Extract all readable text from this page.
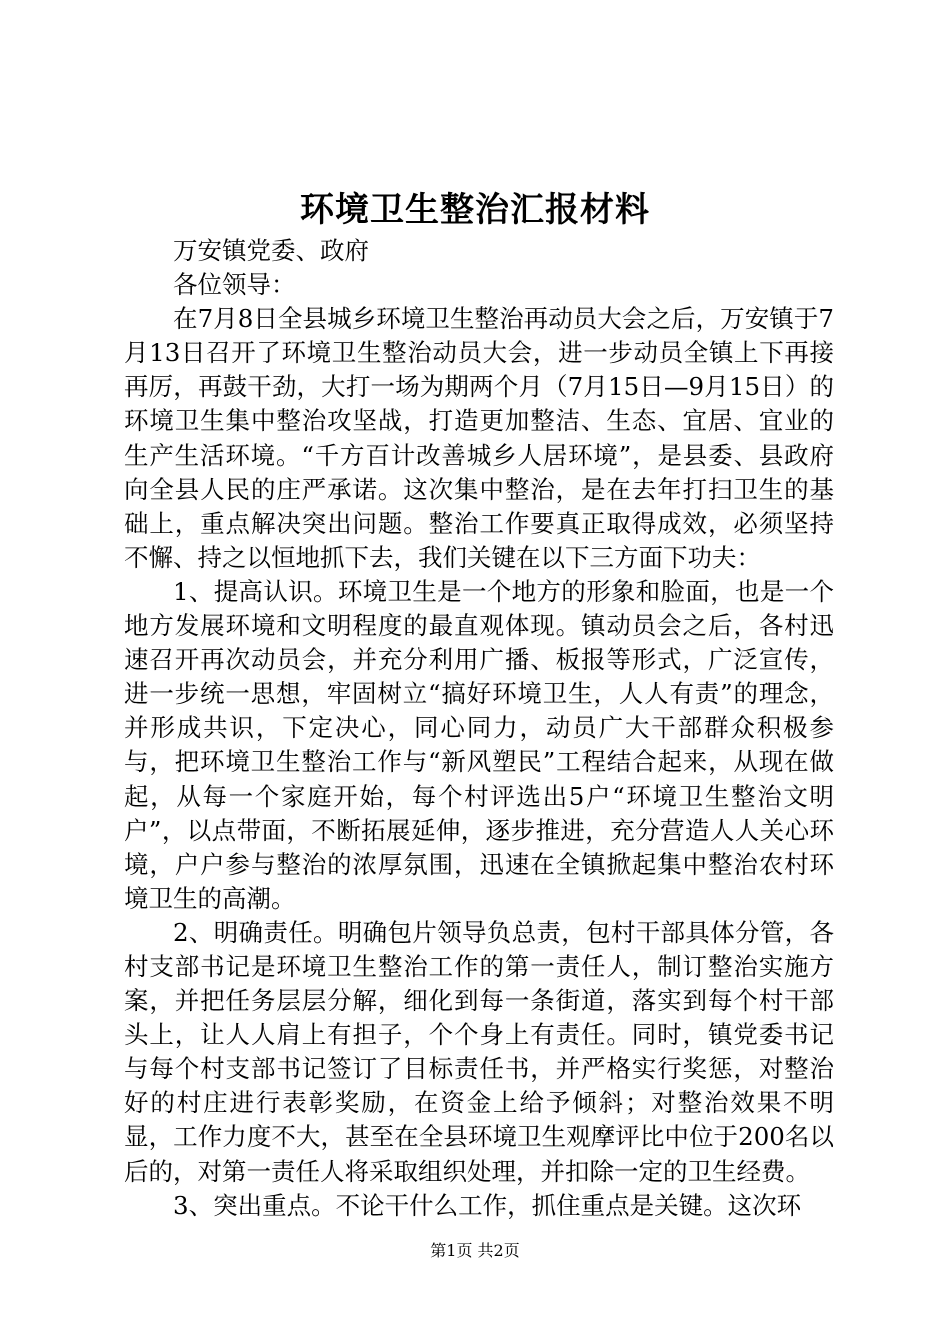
环境卫生整治汇报材料

万安镇党委、政府

各位领导：

在7月8日全县城乡环境卫生整治再动员大会之后，万安镇于7月13日召开了环境卫生整治动员大会，进一步动员全镇上下再接再厉，再鼓干劲，大打一场为期两个月（7月15日—9月15日）的环境卫生集中整治攻坚战，打造更加整洁、生态、宜居、宜业的生产生活环境。“千方百计改善城乡人居环境”，是县委、县政府向全县人民的庄严承诺。这次集中整治，是在去年打扫卫生的基础上，重点解决突出问题。整治工作要真正取得成效，必须坚持不懈、持之以恒地抓下去，我们关键在以下三方面下功夫：

1、提高认识。环境卫生是一个地方的形象和脸面，也是一个地方发展环境和文明程度的最直观体现。镇动员会之后，各村迅速召开再次动员会，并充分利用广播、板报等形式，广泛宣传，进一步统一思想，牢固树立“搞好环境卫生，人人有责”的理念，并形成共识，下定决心，同心同力，动员广大干部群众积极参与，把环境卫生整治工作与“新风塑民”工程结合起来，从现在做起，从每一个家庭开始，每个村评选出5户“环境卫生整治文明户”，以点带面，不断拓展延伸，逐步推进，充分营造人人关心环境，户户参与整治的浓厚氛围，迅速在全镇掀起集中整治农村环境卫生的高潮。

2、明确责任。明确包片领导负总责，包村干部具体分管，各村支部书记是环境卫生整治工作的第一责任人，制订整治实施方案，并把任务层层分解，细化到每一条街道，落实到每个村干部头上，让人人肩上有担子，个个身上有责任。同时，镇党委书记与每个村支部书记签订了目标责任书，并严格实行奖惩，对整治好的村庄进行表彰奖励，在资金上给予倾斜；对整治效果不明显，工作力度不大，甚至在全县环境卫生观摩评比中位于200名以后的，对第一责任人将采取组织处理，并扣除一定的卫生经费。

3、突出重点。不论干什么工作，抓住重点是关键。这次环

第1页 共2页
